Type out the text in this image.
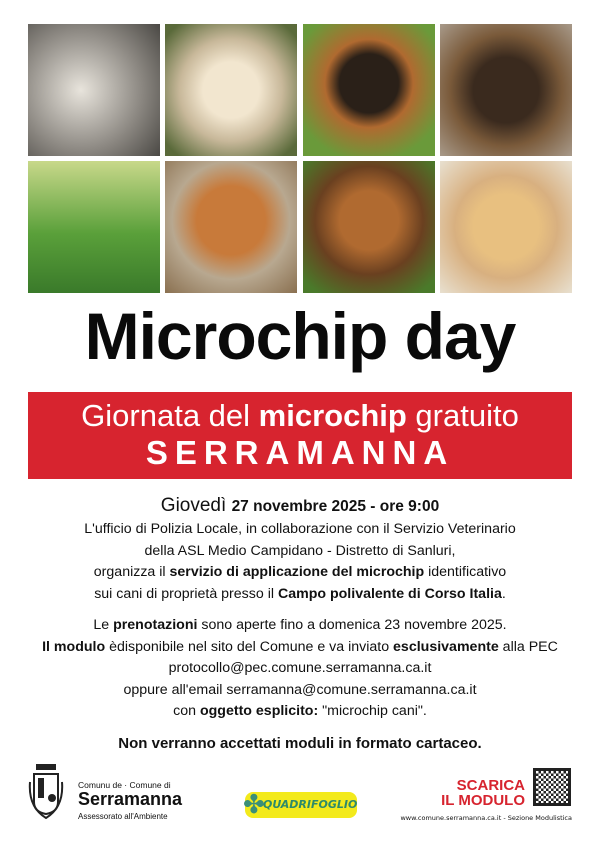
Microchip day
Giornata del microchip gratuito
SERRAMANNA
Giovedì 27 novembre 2025 - ore 9:00
L'ufficio di Polizia Locale, in collaborazione con il Servizio Veterinario
della ASL Medio Campidano - Distretto di Sanluri,
organizza il servizio di applicazione del microchip identificativo
sui cani di proprietà presso il Campo polivalente di Corso Italia.
Le prenotazioni sono aperte fino a domenica 23 novembre 2025.
Il modulo èdisponibile nel sito del Comune e va inviato esclusivamente alla PEC
protocollo@pec.comune.serramanna.ca.it
oppure all'email serramanna@comune.serramanna.ca.it
con oggetto esplicito: "microchip cani".
Non verranno accettati moduli in formato cartaceo.
Comunu de · Comune di
Serramanna
Assessorato all'Ambiente	✤
QUADRIFOGLIO
SCARICA
IL MODULO
www.comune.serramanna.ca.it - Sezione Modulistica
